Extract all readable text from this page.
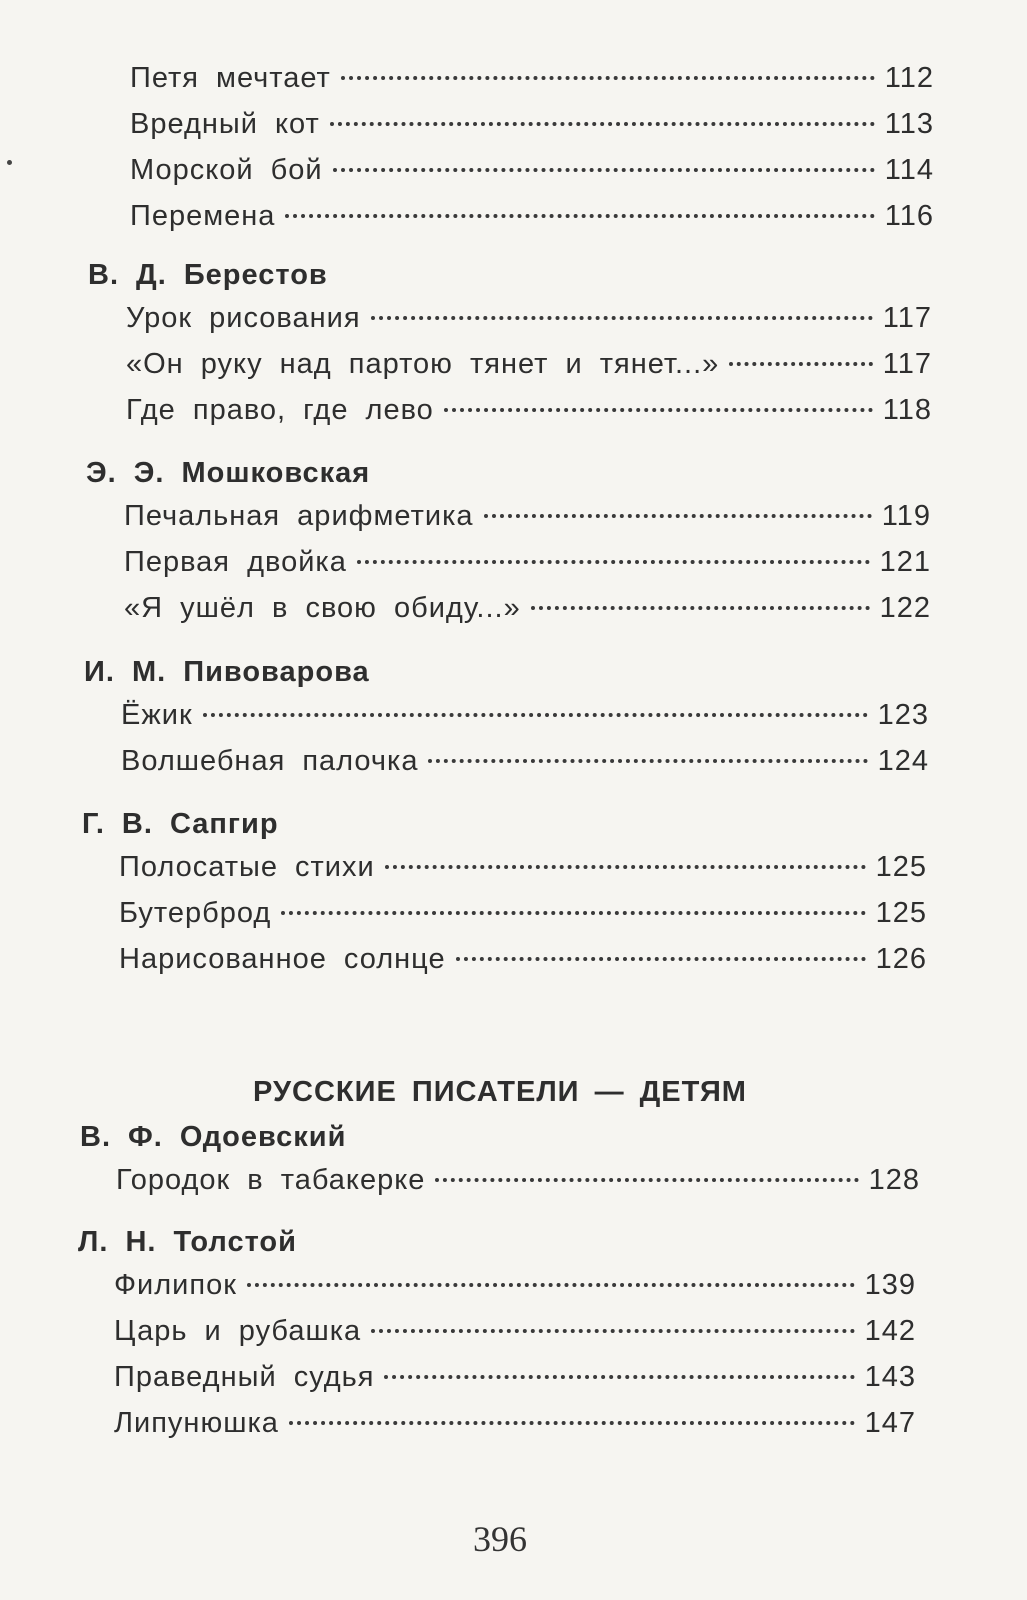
Петя мечтает	112
Вредный кот	113
Морской бой	114
Перемена	116
В. Д. Берестов
Урок рисования	117
«Он руку над партою тянет и тянет...»	117
Где право, где лево	118
Э. Э. Мошковская
Печальная арифметика	119
Первая двойка	121
«Я ушёл в свою обиду...»	122
И. М. Пивоварова
Ёжик	123
Волшебная палочка	124
Г. В. Сапгир
Полосатые стихи	125
Бутерброд	125
Нарисованное солнце	126
РУССКИЕ ПИСАТЕЛИ — ДЕТЯМ
В. Ф. Одоевский
Городок в табакерке	128
Л. Н. Толстой
Филипок	139
Царь и рубашка	142
Праведный судья	143
Липунюшка	147
396
